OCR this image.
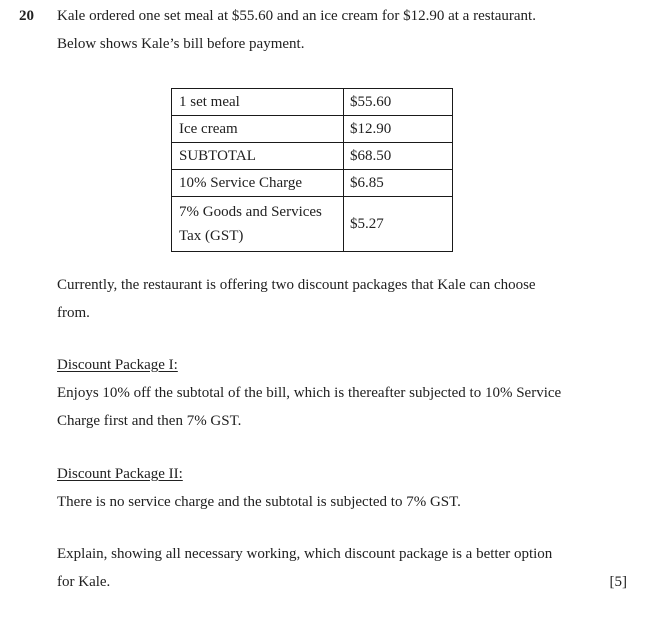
20	Kale ordered one set meal at $55.60 and an ice cream for $12.90 at a restaurant.

Below shows Kale’s bill before payment.

1 set meal	$55.60
Ice cream	$12.90
SUBTOTAL	$68.50
10% Service Charge	$6.85
7% Goods and Services Tax (GST)	$5.27

Currently, the restaurant is offering two discount packages that Kale can choose

from.

Discount Package I:

Enjoys 10% off the subtotal of the bill, which is thereafter subjected to 10% Service

Charge first and then 7% GST.

Discount Package II:

There is no service charge and the subtotal is subjected to 7% GST.

Explain, showing all necessary working, which discount package is a better option

for Kale.	[5]
